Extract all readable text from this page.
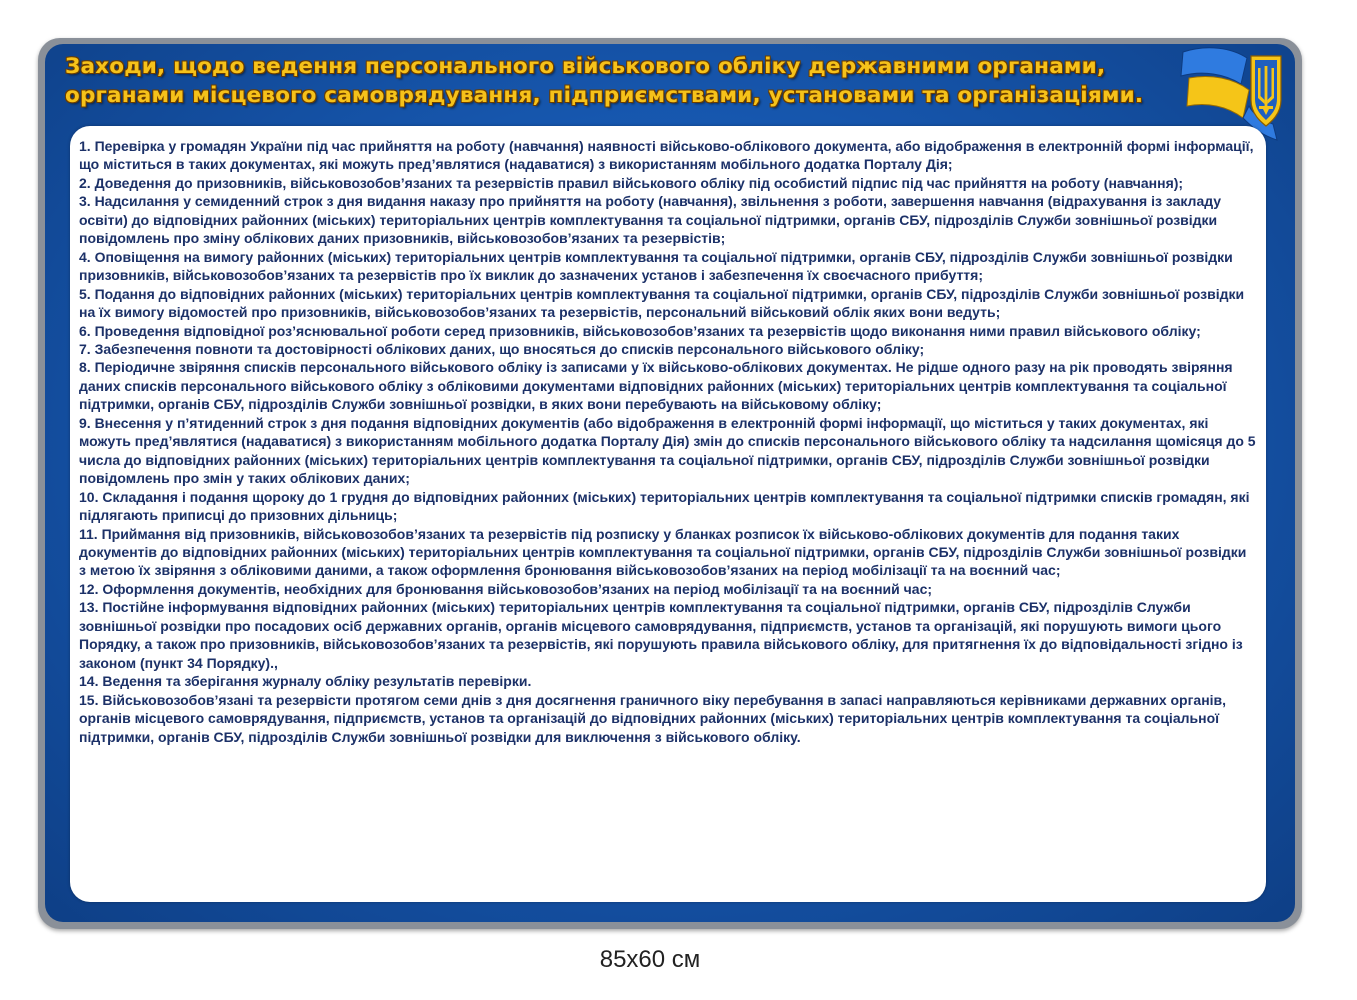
Заходи, щодо ведення персонального військового обліку державними органами,
органами місцевого самоврядування, підприємствами, установами та організаціями.
1. Перевірка у громадян України під час прийняття на роботу (навчання) наявності військово-облікового документа, або відображення в електронній формі інформації, що міститься в таких документах, які можуть пред’являтися (надаватися) з використанням мобільного додатка Порталу Дія;
2. Доведення до призовників, військовозобов’язаних та резервістів правил військового обліку під особистий підпис під час прийняття на роботу (навчання);
3. Надсилання у семиденний строк з дня видання наказу про прийняття на роботу (навчання), звільнення з роботи, завершення навчання (відрахування із закладу освіти) до відповідних районних (міських) територіальних центрів комплектування та соціальної підтримки, органів СБУ, підрозділів Служби зовнішньої розвідки повідомлень про зміну облікових даних призовників, військовозобов’язаних та резервістів;
4. Оповіщення на вимогу районних (міських) територіальних центрів комплектування та соціальної підтримки, органів СБУ, підрозділів Служби зовнішньої розвідки призовників, військовозобов’язаних та резервістів про їх виклик до зазначених установ і забезпечення їх своєчасного прибуття;
5. Подання до відповідних районних (міських) територіальних центрів комплектування та соціальної підтримки, органів СБУ, підрозділів Служби зовнішньої розвідки на їх вимогу відомостей про призовників, військовозобов’язаних та резервістів, персональний військовий облік яких вони ведуть;
6. Проведення відповідної роз’яснювальної роботи серед призовників, військовозобов’язаних та резервістів щодо виконання ними правил військового обліку;
7. Забезпечення повноти та достовірності облікових даних, що вносяться до списків персонального військового обліку;
8. Періодичне звіряння списків персонального військового обліку із записами у їх військово-облікових документах. Не рідше одного разу на рік проводять звіряння даних списків персонального військового обліку з обліковими документами відповідних районних (міських) територіальних центрів комплектування та соціальної підтримки, органів СБУ, підрозділів Служби зовнішньої розвідки, в яких вони перебувають на військовому обліку;
9. Внесення у п’ятиденний строк з дня подання відповідних документів (або відображення в електронній формі інформації, що міститься у таких документах, які можуть пред’являтися (надаватися) з використанням мобільного додатка Порталу Дія) змін до списків персонального військового обліку та надсилання щомісяця до 5 числа до відповідних районних (міських) територіальних центрів комплектування та соціальної підтримки, органів СБУ, підрозділів Служби зовнішньої розвідки повідомлень про змін у таких облікових даних;
10. Складання і подання щороку до 1 грудня до відповідних районних (міських) територіальних центрів комплектування та соціальної підтримки списків громадян, які підлягають приписці до призовних дільниць;
11. Приймання від призовників, військовозобов’язаних та резервістів під розписку у бланках розписок їх військово-облікових документів для подання таких документів до відповідних районних (міських) територіальних центрів комплектування та соціальної підтримки, органів СБУ, підрозділів Служби зовнішньої розвідки з метою їх звіряння з обліковими даними, а також оформлення бронювання військовозобов’язаних на період мобілізації та на воєнний час;
12. Оформлення документів, необхідних для бронювання військовозобов’язаних на період мобілізації та на воєнний час;
13. Постійне інформування відповідних районних (міських) територіальних центрів комплектування та соціальної підтримки, органів СБУ, підрозділів Служби зовнішньої розвідки про посадових осіб державних органів, органів місцевого самоврядування, підприємств, установ та організацій, які порушують вимоги цього Порядку, а також про призовників, військовозобов’язаних та резервістів, які порушують правила військового обліку, для притягнення їх до відповідальності згідно із законом (пункт 34 Порядку).,
14. Ведення та зберігання журналу обліку результатів перевірки.
15. Військовозобов’язані та резервісти протягом семи днів з дня досягнення граничного віку перебування в запасі направляються керівниками державних органів, органів місцевого самоврядування, підприємств, установ та організацій до відповідних районних (міських) територіальних центрів комплектування та соціальної підтримки, органів СБУ, підрозділів Служби зовнішньої розвідки для виключення з військового обліку.
85х60 см
